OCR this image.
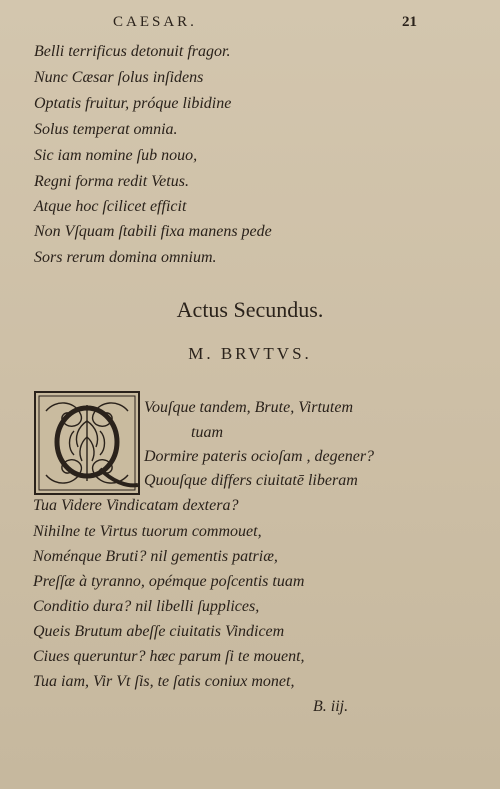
CAESAR.	21

Belli terrificus detonuit fragor.

Nunc Cæsar ſolus inſidens

Optatis fruitur, próque libidine

Solus temperat omnia.

Sic iam nomine ſub nouo,

Regni forma redit Vetus.

Atque hoc ſcilicet efficit

Non Vſquam ſtabili fixa manens pede

Sors rerum domina omnium.

Actus Secundus.
M. BRVTVS.

Vouſque tandem, Brute, Virtutem

tuam

Dormire pateris ocioſam , degener?

Quouſque differs ciuitatē liberam

Tua Videre Vindicatam dextera?

Nihilne te Virtus tuorum commouet,

Noménque Bruti? nil gementis patriæ,

Preſſæ à tyranno, opémque poſcentis tuam

Conditio dura? nil libelli ſupplices,

Queis Brutum abeſſe ciuitatis Vindicem

Ciues queruntur? hæc parum ſi te mouent,

Tua iam, Vir Vt ſis, te ſatis coniux monet,

B. iij.
